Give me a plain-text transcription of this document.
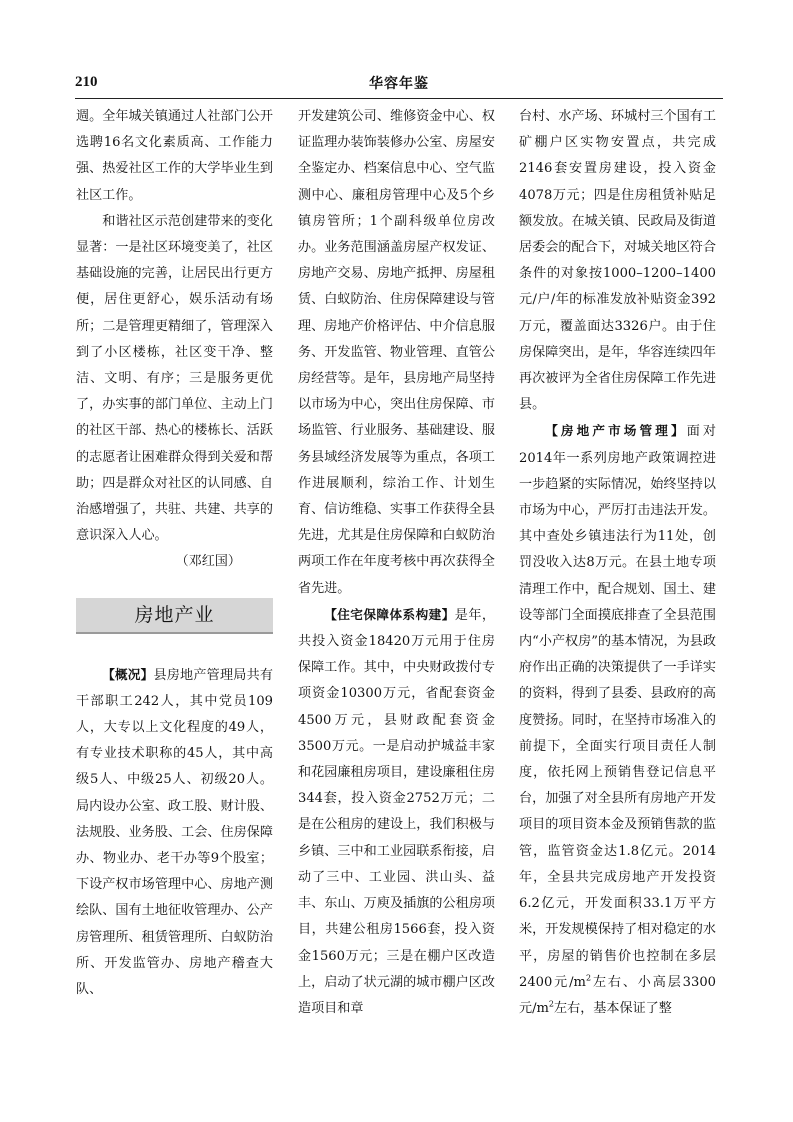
210	华容年鉴

週。全年城关镇通过人社部门公开选聘16名文化素质高、工作能力强、热爱社区工作的大学毕业生到社区工作。

和谐社区示范创建带来的变化显著：一是社区环境变美了，社区基础设施的完善，让居民出行更方便，居住更舒心，娱乐活动有场所；二是管理更精细了，管理深入到了小区楼栋，社区变干净、整洁、文明、有序；三是服务更优了，办实事的部门单位、主动上门的社区干部、热心的楼栋长、活跃的志愿者让困难群众得到关爱和帮助；四是群众对社区的认同感、自治感增强了，共驻、共建、共享的意识深入人心。

（邓红国）

房地产业

【概况】县房地产管理局共有干部职工242人，其中党员109人，大专以上文化程度的49人，有专业技术职称的45人，其中高级5人、中级25人、初级20人。局内设办公室、政工股、财计股、法规股、业务股、工会、住房保障办、物业办、老干办等9个股室；下设产权市场管理中心、房地产测绘队、国有土地征收管理办、公产房管理所、租赁管理所、白蚁防治所、开发监管办、房地产稽查大队、

开发建筑公司、维修资金中心、权证监理办装饰装修办公室、房屋安全鉴定办、档案信息中心、空气监测中心、廉租房管理中心及5个乡镇房管所；1个副科级单位房改办。业务范围涵盖房屋产权发证、房地产交易、房地产抵押、房屋租赁、白蚁防治、住房保障建设与管理、房地产价格评估、中介信息服务、开发监管、物业管理、直管公房经营等。是年，县房地产局坚持以市场为中心，突出住房保障、市场监管、行业服务、基础建设、服务县域经济发展等为重点，各项工作进展顺利，综治工作、计划生育、信访维稳、实事工作获得全县先进，尤其是住房保障和白蚁防治两项工作在年度考核中再次获得全省先进。

【住宅保障体系构建】是年，共投入资金18420万元用于住房保障工作。其中，中央财政拨付专项资金10300万元，省配套资金4500万元，县财政配套资金3500万元。一是启动护城益丰家和花园廉租房项目，建设廉租住房344套，投入资金2752万元；二是在公租房的建设上，我们积极与乡镇、三中和工业园联系衔接，启动了三中、工业园、洪山头、益丰、东山、万庾及插旗的公租房项目，共建公租房1566套，投入资金1560万元；三是在棚户区改造上，启动了状元湖的城市棚户区改造项目和章

台村、水产场、环城村三个国有工矿棚户区实物安置点，共完成2146套安置房建设，投入资金4078万元；四是住房租赁补贴足额发放。在城关镇、民政局及街道居委会的配合下，对城关地区符合条件的对象按1000–1200–1400元/户/年的标准发放补贴资金392万元，覆盖面达3326户。由于住房保障突出，是年，华容连续四年再次被评为全省住房保障工作先进县。

【房地产市场管理】面对2014年一系列房地产政策调控进一步趋紧的实际情况，始终坚持以市场为中心，严厉打击违法开发。其中查处乡镇违法行为11处，创罚没收入达8万元。在县土地专项清理工作中，配合规划、国土、建设等部门全面摸底排查了全县范围内“小产权房”的基本情况，为县政府作出正确的决策提供了一手详实的资料，得到了县委、县政府的高度赞扬。同时，在坚持市场准入的前提下，全面实行项目责任人制度，依托网上预销售登记信息平台，加强了对全县所有房地产开发项目的项目资本金及预销售款的监管，监管资金达1.8亿元。2014年，全县共完成房地产开发投资6.2亿元，开发面积33.1万平方米，开发规模保持了相对稳定的水平，房屋的销售价也控制在多层2400元$/m^2$左右、小高层3300元$/m^2$左右，基本保证了整
